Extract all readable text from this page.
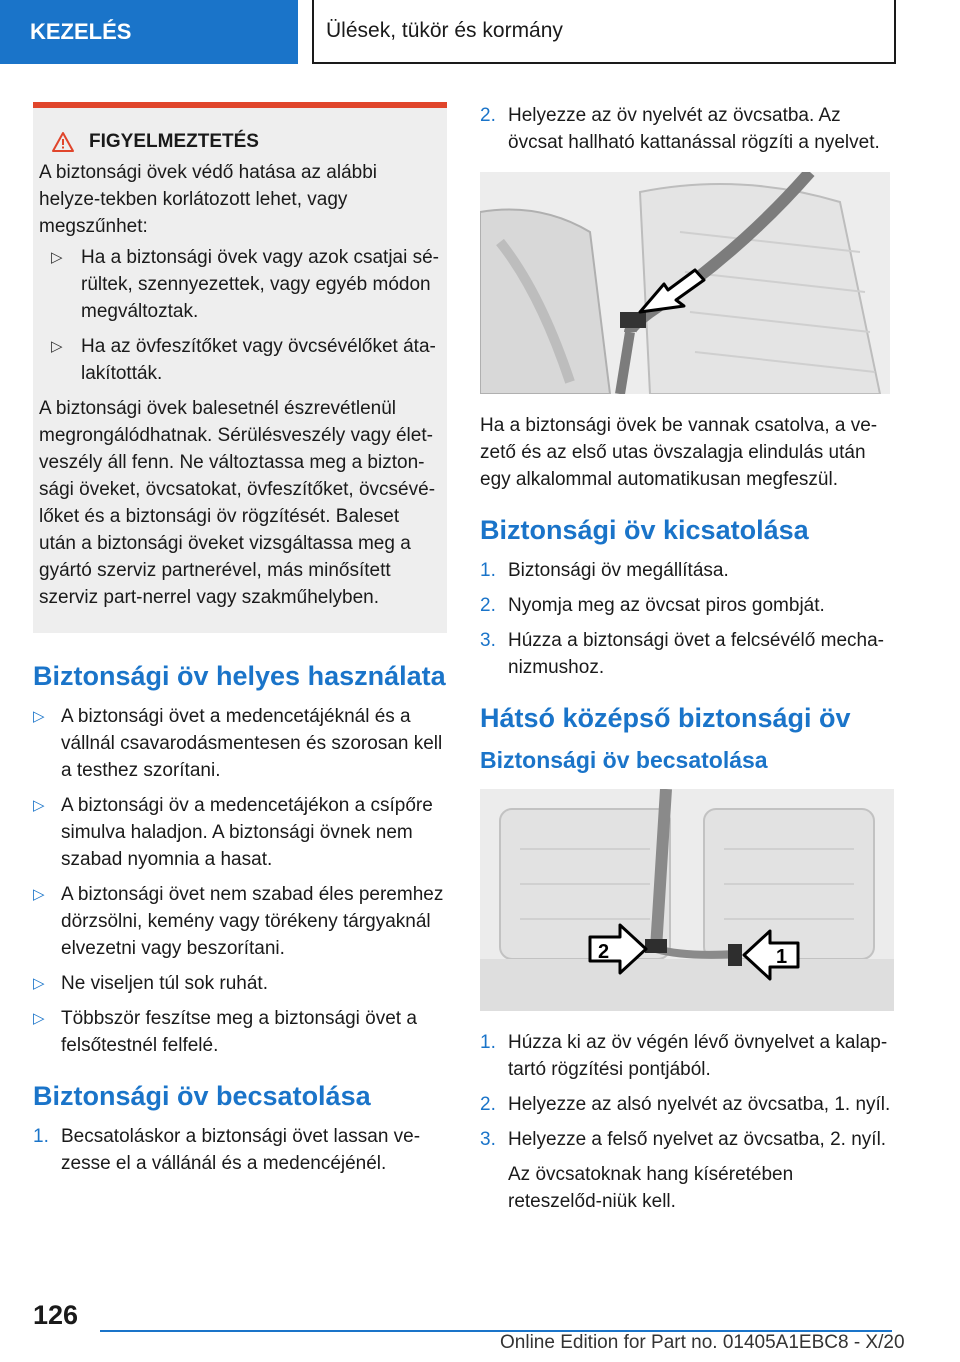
KEZELÉS	Ülések, tükör és kormány
FIGYELMEZTETÉS

A biztonsági övek védő hatása az alábbi helyze-tekben korlátozott lehet, vagy megszűnhet:

▷ Ha a biztonsági övek vagy azok csatjai sé-rültek, szennyezettek, vagy egyéb módon megváltoztak.
▷ Ha az övfeszítőket vagy övcsévélőket áta-lakították.

A biztonsági övek balesetnél észrevétlenül megrongálódhatnak. Sérülésveszély vagy élet-veszély áll fenn. Ne változtassa meg a bizton-sági öveket, övcsatokat, övfeszítőket, övcsévé-lőket és a biztonsági öv rögzítését. Baleset után a biztonsági öveket vizsgáltassa meg a gyártó szerviz partnerével, más minősített szerviz part-nerrel vagy szakműhelyben.

Biztonsági öv helyes használata
▷ A biztonsági övet a medencetájéknál és a vállnál csavarodásmentesen és szorosan kell a testhez szorítani.
▷ A biztonsági öv a medencetájékon a csípőre simulva haladjon. A biztonsági övnek nem szabad nyomnia a hasat.
▷ A biztonsági övet nem szabad éles peremhez dörzsölni, kemény vagy törékeny tárgyaknál elvezetni vagy beszorítani.
▷ Ne viseljen túl sok ruhát.
▷ Többször feszítse meg a biztonsági övet a felsőtestnél felfelé.
Biztonsági öv becsatolása
1. Becsatoláskor a biztonsági övet lassan ve-zesse el a vállánál és a medencéjénél.
2. Helyezze az öv nyelvét az övcsatba. Az övcsat hallható kattanással rögzíti a nyelvet.

Ha a biztonsági övek be vannak csatolva, a ve-zető és az első utas övszalagja elindulás után egy alkalommal automatikusan megfeszül.

Biztonsági öv kicsatolása
1. Biztonsági öv megállítása.
2. Nyomja meg az övcsat piros gombját.
3. Húzza a biztonsági övet a felcsévélő mecha-nizmushoz.
Hátsó középső biztonsági öv
Biztonsági öv becsatolása
2	1
1. Húzza ki az öv végén lévő övnyelvet a kalap-tartó rögzítési pontjából.
2. Helyezze az alsó nyelvét az övcsatba, 1. nyíl.
3. Helyezze a felső nyelvet az övcsatba, 2. nyíl.

Az övcsatoknak hang kíséretében reteszelőd-niük kell.

126
Online Edition for Part no. 01405A1EBC8 - X/20
